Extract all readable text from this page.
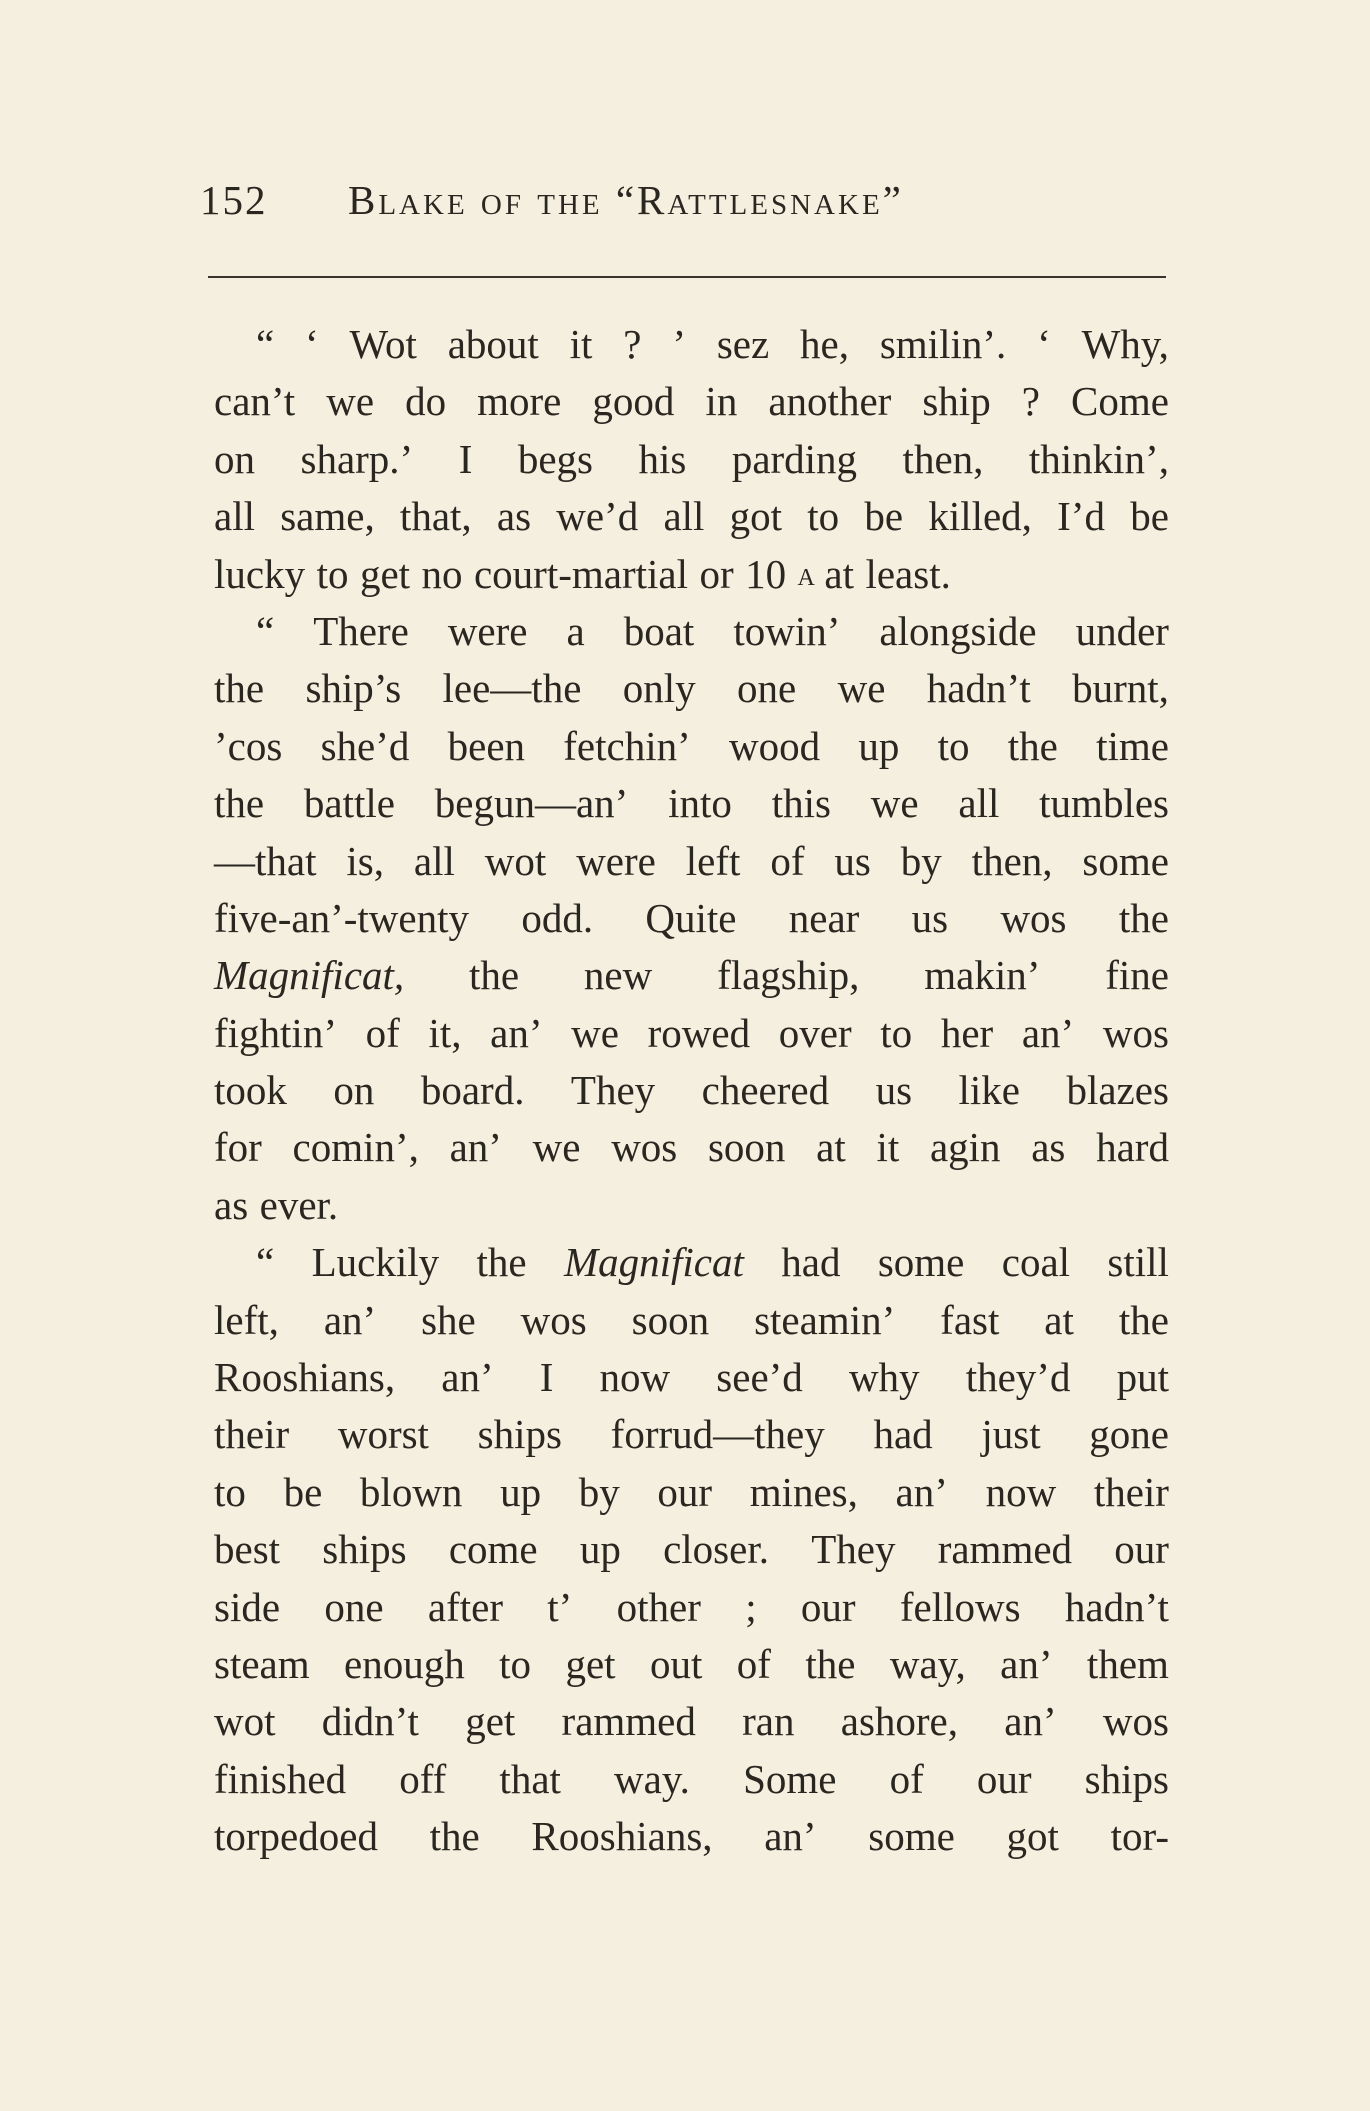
152 Blake of the “Rattlesnake”
“ ‘ Wot about it ? ’ sez he, smilin’. ‘ Why,
can’t we do more good in another ship ? Come
on sharp.’ I begs his parding then, thinkin’,
all same, that, as we’d all got to be killed, I’d be
lucky to get no court-martial or 10 a at least.
“ There were a boat towin’ alongside under
the ship’s lee—the only one we hadn’t burnt,
’cos she’d been fetchin’ wood up to the time
the battle begun—an’ into this we all tumbles
—that is, all wot were left of us by then, some
five-an’-twenty odd. Quite near us wos the
Magnificat, the new flagship, makin’ fine
fightin’ of it, an’ we rowed over to her an’ wos
took on board. They cheered us like blazes
for comin’, an’ we wos soon at it agin as hard
as ever.
“ Luckily the Magnificat had some coal still
left, an’ she wos soon steamin’ fast at the
Rooshians, an’ I now see’d why they’d put
their worst ships forrud—they had just gone
to be blown up by our mines, an’ now their
best ships come up closer. They rammed our
side one after t’ other ; our fellows hadn’t
steam enough to get out of the way, an’ them
wot didn’t get rammed ran ashore, an’ wos
finished off that way. Some of our ships
torpedoed the Rooshians, an’ some got tor-
